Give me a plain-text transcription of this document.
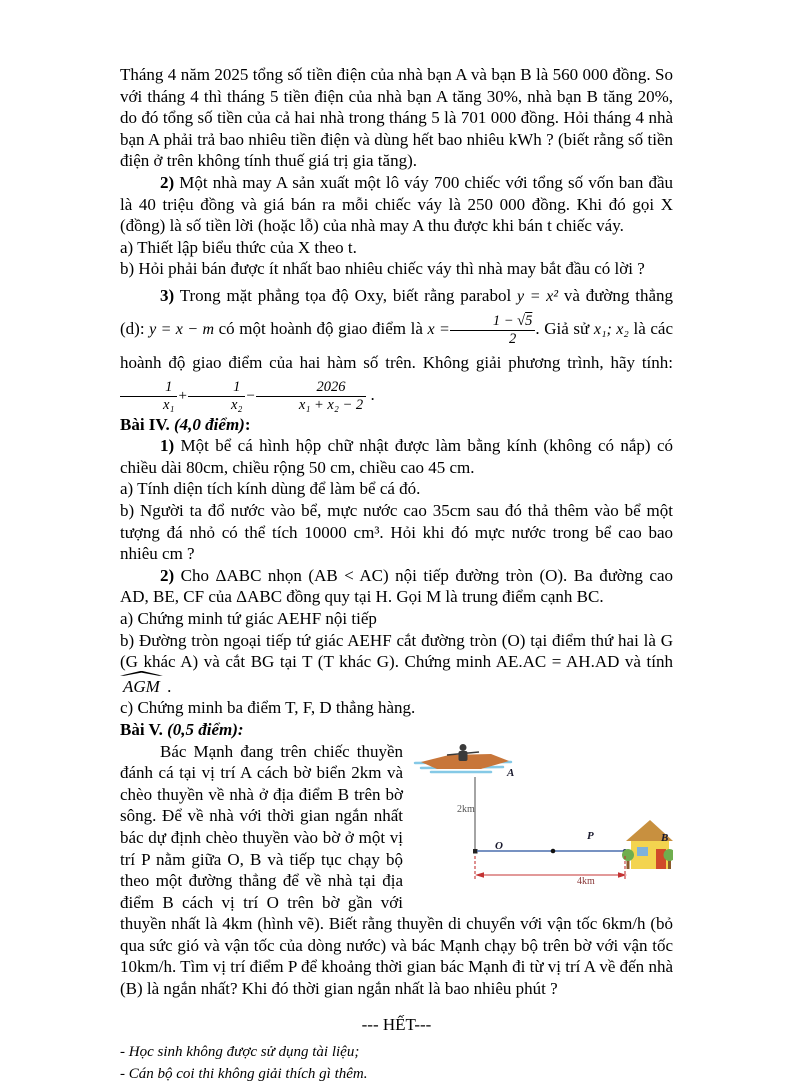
Tháng 4 năm 2025 tổng số tiền điện của nhà bạn A và bạn B là 560 000 đồng. So với tháng 4 thì tháng 5 tiền điện của nhà bạn A tăng 30%, nhà bạn B tăng 20%, do đó tổng số tiền của cả hai nhà trong tháng 5 là 701 000 đồng. Hỏi tháng 4 nhà bạn A phải trả bao nhiêu tiền điện và dùng hết bao nhiêu kWh ? (biết rằng số tiền điện ở trên không tính thuế giá trị gia tăng).

2) Một nhà may A sản xuất một lô váy 700 chiếc với tổng số vốn ban đầu là 40 triệu đồng và giá bán ra mỗi chiếc váy là 250 000 đồng. Khi đó gọi X (đồng) là số tiền lời (hoặc lỗ) của nhà may A thu được khi bán t chiếc váy.

a) Thiết lập biểu thức của X theo t.

b) Hỏi phải bán được ít nhất bao nhiêu chiếc váy thì nhà may bắt đầu có lời ?

3) Trong mặt phẳng tọa độ Oxy, biết rằng parabol y = x² và đường thẳng (d): y = x − m có một hoành độ giao điểm là $x = \frac{1 - √5}{2}$ . Giả sử x₁; x₂ là các hoành độ giao điểm của hai hàm số trên. Không giải phương trình, hãy tính:
$\frac{1}{\text{x₁}} + \frac{1}{\text{x₂}} - \frac{2026}{\text{x₁ + x₂ − 2}}$ .

Bài IV. (4,0 điểm):

1) Một bể cá hình hộp chữ nhật được làm bằng kính (không có nắp) có chiều dài 80cm, chiều rộng 50 cm, chiều cao 45 cm.

a) Tính diện tích kính dùng để làm bể cá đó.

b) Người ta đổ nước vào bể, mực nước cao 35cm sau đó thả thêm vào bể một tượng đá nhỏ có thể tích 10000 cm³. Hỏi khi đó mực nước trong bể cao bao nhiêu cm ?

2) Cho ΔABC nhọn (AB < AC) nội tiếp đường tròn (O). Ba đường cao AD, BE, CF của ΔABC đồng quy tại H. Gọi M là trung điểm cạnh BC.

a) Chứng minh tứ giác AEHF nội tiếp

b) Đường tròn ngoại tiếp tứ giác AEHF cắt đường tròn (O) tại điểm thứ hai là G (G khác A) và cắt BG tại T (T khác G). Chứng minh AE.AC = AH.AD và tính AGM .

c) Chứng minh ba điểm T, F, D thẳng hàng.

Bài V. (0,5 điểm):

A
2km
O
P	B
4km
Bác Mạnh đang trên chiếc thuyền đánh cá tại vị trí A cách bờ biển 2km và chèo thuyền về nhà ở địa điểm B trên bờ sông. Để về nhà với thời gian ngắn nhất bác dự định chèo thuyền vào bờ ở một vị trí P nằm giữa O, B và tiếp tục chạy bộ theo một đường thẳng để về nhà tại địa điểm B cách vị trí O trên bờ gần với thuyền nhất là 4km (hình vẽ). Biết rằng thuyền di chuyển với vận tốc 6km/h (bỏ qua sức gió và vận tốc của dòng nước) và bác Mạnh chạy bộ trên bờ với vận tốc 10km/h. Tìm vị trí điểm P để khoảng thời gian bác Mạnh đi từ vị trí A về đến nhà (B) là ngắn nhất? Khi đó thời gian ngắn nhất là bao nhiêu phút ?

--- HẾT---

- Học sinh không được sử dụng tài liệu;

- Cán bộ coi thi không giải thích gì thêm.
